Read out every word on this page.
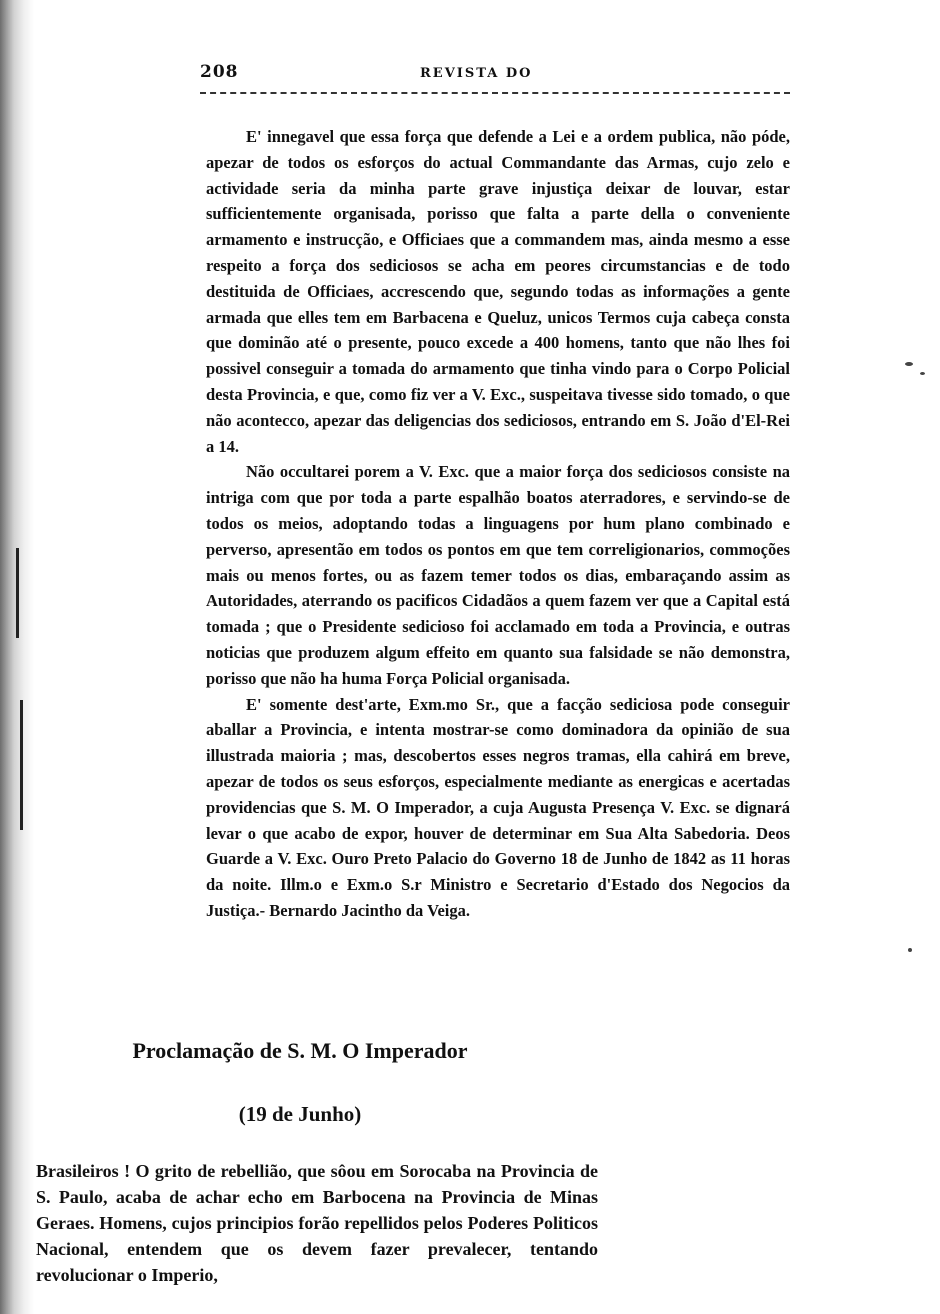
208	REVISTA DO

E' innegavel que essa força que defende a Lei e a ordem publica, não póde, apezar de todos os esforços do actual Commandante das Armas, cujo zelo e actividade seria da minha parte grave injustiça deixar de louvar, estar sufficientemente organisada, porisso que falta a parte della o conveniente armamento e instrucção, e Officiaes que a commandem mas, ainda mesmo a esse respeito a força dos sediciosos se acha em peores circumstancias e de todo destituida de Officiaes, accrescendo que, segundo todas as informações a gente armada que elles tem em Barbacena e Queluz, unicos Termos cuja cabeça consta que dominão até o presente, pouco excede a 400 homens, tanto que não lhes foi possivel conseguir a tomada do armamento que tinha vindo para o Corpo Policial desta Provincia, e que, como fiz ver a V. Exc., suspeitava tivesse sido tomado, o que não acontecco, apezar das deligencias dos sediciosos, entrando em S. João d'El-Rei a 14.

Não occultarei porem a V. Exc. que a maior força dos sediciosos consiste na intriga com que por toda a parte espalhão boatos aterradores, e servindo-se de todos os meios, adoptando todas a linguagens por hum plano combinado e perverso, apresentão em todos os pontos em que tem correligionarios, commoções mais ou menos fortes, ou as fazem temer todos os dias, embaraçando assim as Autoridades, aterrando os pacificos Cidadãos a quem fazem ver que a Capital está tomada ; que o Presidente sedicioso foi acclamado em toda a Provincia, e outras noticias que produzem algum effeito em quanto sua falsidade se não demonstra, porisso que não ha huma Força Policial organisada.

E' somente dest'arte, Exm.mo Sr., que a facção sediciosa pode conseguir aballar a Provincia, e intenta mostrar-se como dominadora da opinião de sua illustrada maioria ; mas, descobertos esses negros tramas, ella cahirá em breve, apezar de todos os seus esforços, especialmente mediante as energicas e acertadas providencias que S. M. O Imperador, a cuja Augusta Presença V. Exc. se dignará levar o que acabo de expor, houver de determinar em Sua Alta Sabedoria. Deos Guarde a V. Exc. Ouro Preto Palacio do Governo 18 de Junho de 1842 as 11 horas da noite. Illm.o e Exm.o S.r Ministro e Secretario d'Estado dos Negocios da Justiça.- Bernardo Jacintho da Veiga.

Proclamação de S. M. O Imperador
(19 de Junho)

Brasileiros ! O grito de rebellião, que sôou em Sorocaba na Provincia de S. Paulo, acaba de achar echo em Barbocena na Provincia de Minas Geraes. Homens, cujos principios forão repellidos pelos Poderes Politicos Nacional, entendem que os devem fazer prevalecer, tentando revolucionar o Imperio,
